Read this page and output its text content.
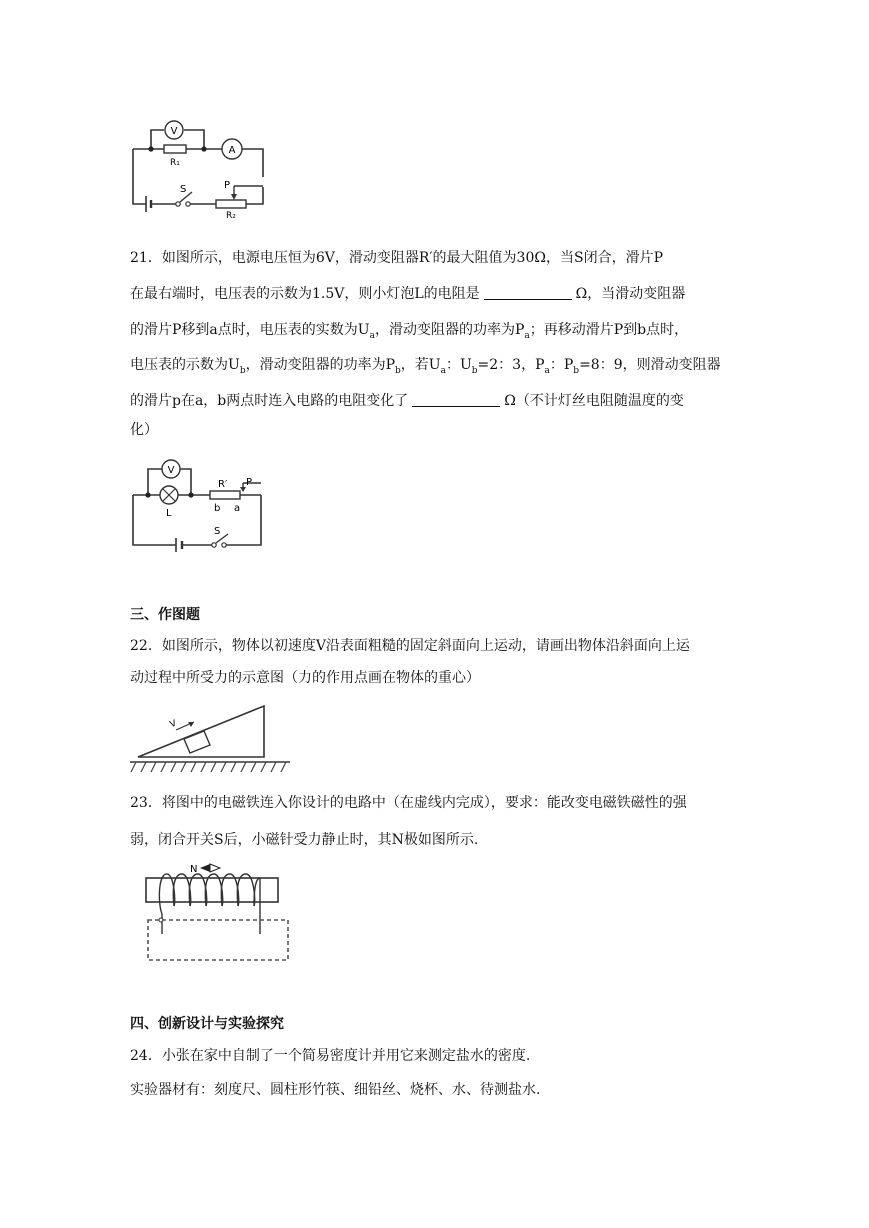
V
A
R₁
R₂
P
S
21．如图所示，电源电压恒为6V，滑动变阻器R′的最大阻值为30Ω，当S闭合，滑片P
在最右端时，电压表的示数为1.5V，则小灯泡L的电阻是	Ω，当滑动变阻器
的滑片P移到a点时，电压表的实数为$U_a$，滑动变阻器的功率为$P_a$；再移动滑片P到b点时，
电压表的示数为$U_b$，滑动变阻器的功率为$P_b$，若$U_a$：$U_b=2$：3，$P_a$：$P_b=8$：9，则滑动变阻器
的滑片p在a，b两点时连入电路的电阻变化了	Ω（不计灯丝电阻随温度的变
化）
V
L
R′ P
b a
S
三、作图题
22．如图所示，物体以初速度V沿表面粗糙的固定斜面向上运动，请画出物体沿斜面向上运
动过程中所受力的示意图（力的作用点画在物体的重心）
V
23．将图中的电磁铁连入你设计的电路中（在虚线内完成），要求：能改变电磁铁磁性的强
弱，闭合开关S后，小磁针受力静止时，其N极如图所示.
N
四、创新设计与实验探究
24．小张在家中自制了一个简易密度计并用它来测定盐水的密度.
实验器材有：刻度尺、圆柱形竹筷、细铅丝、烧杯、水、待测盐水.
